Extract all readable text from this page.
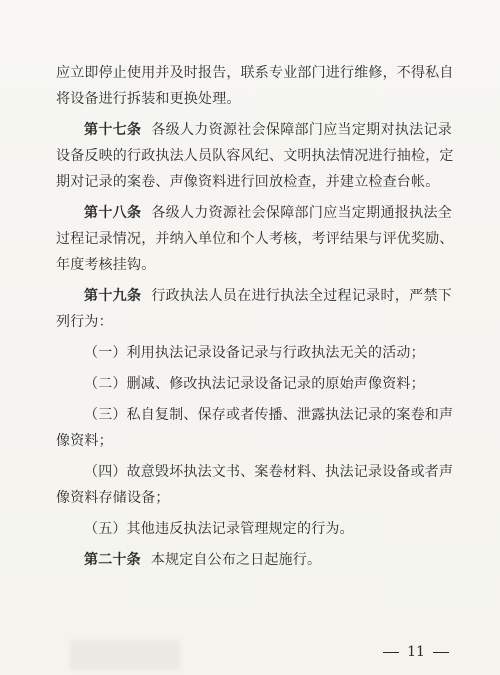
应立即停止使用并及时报告，联系专业部门进行维修，不得私自
将设备进行拆装和更换处理。
第十七条 各级人力资源社会保障部门应当定期对执法记录
设备反映的行政执法人员队容风纪、文明执法情况进行抽检，定
期对记录的案卷、声像资料进行回放检查，并建立检查台帐。
第十八条 各级人力资源社会保障部门应当定期通报执法全
过程记录情况，并纳入单位和个人考核，考评结果与评优奖励、
年度考核挂钩。
第十九条 行政执法人员在进行执法全过程记录时，严禁下
列行为：
（一）利用执法记录设备记录与行政执法无关的活动；
（二）删减、修改执法记录设备记录的原始声像资料；
（三）私自复制、保存或者传播、泄露执法记录的案卷和声
像资料；
（四）故意毁坏执法文书、案卷材料、执法记录设备或者声
像资料存储设备；
（五）其他违反执法记录管理规定的行为。
第二十条 本规定自公布之日起施行。
11
